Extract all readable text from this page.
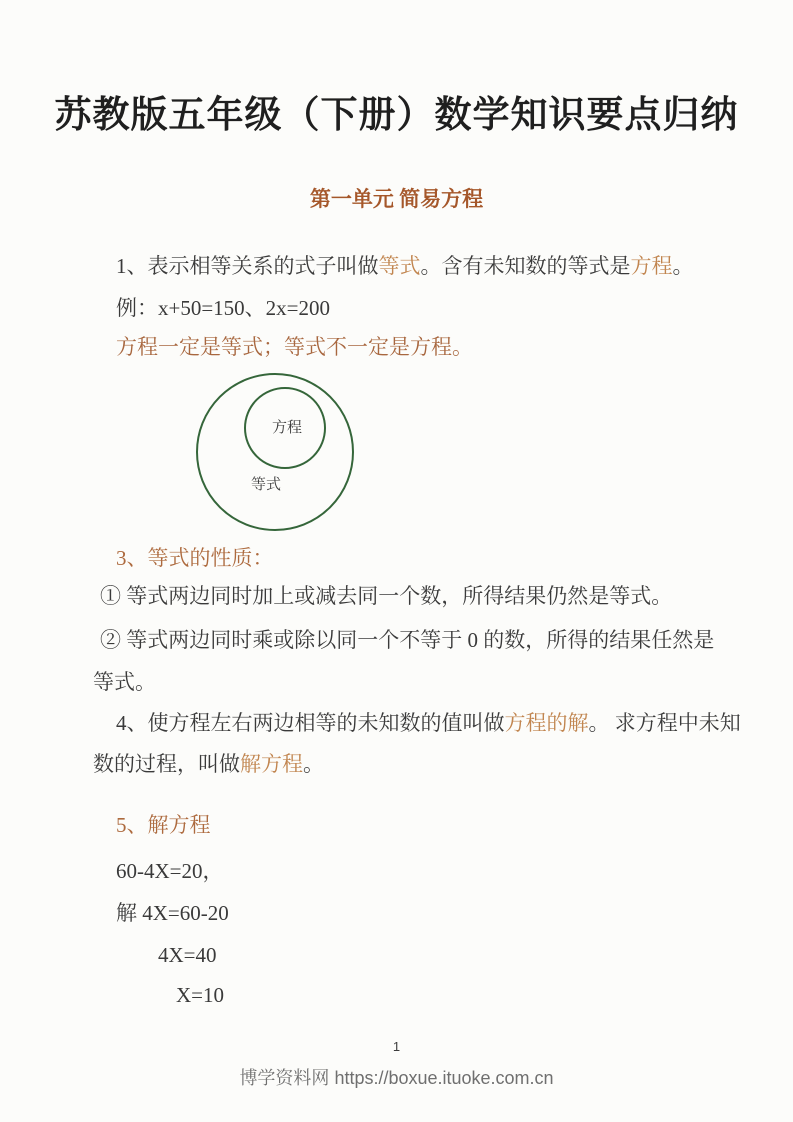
苏教版五年级（下册）数学知识要点归纳
第一单元 简易方程
1、表示相等关系的式子叫做等式。含有未知数的等式是方程。
例：x+50=150、2x=200
方程一定是等式；等式不一定是方程。
方程
等式
3、等式的性质：
① 等式两边同时加上或减去同一个数，所得结果仍然是等式。
② 等式两边同时乘或除以同一个不等于 0 的数，所得的结果任然是
等式。
4、使方程左右两边相等的未知数的值叫做方程的解。 求方程中未知
数的过程，叫做解方程。
5、解方程
60-4X=20，
解 4X=60-20
4X=40
X=10
1
博学资料网 https://boxue.ituoke.com.cn
